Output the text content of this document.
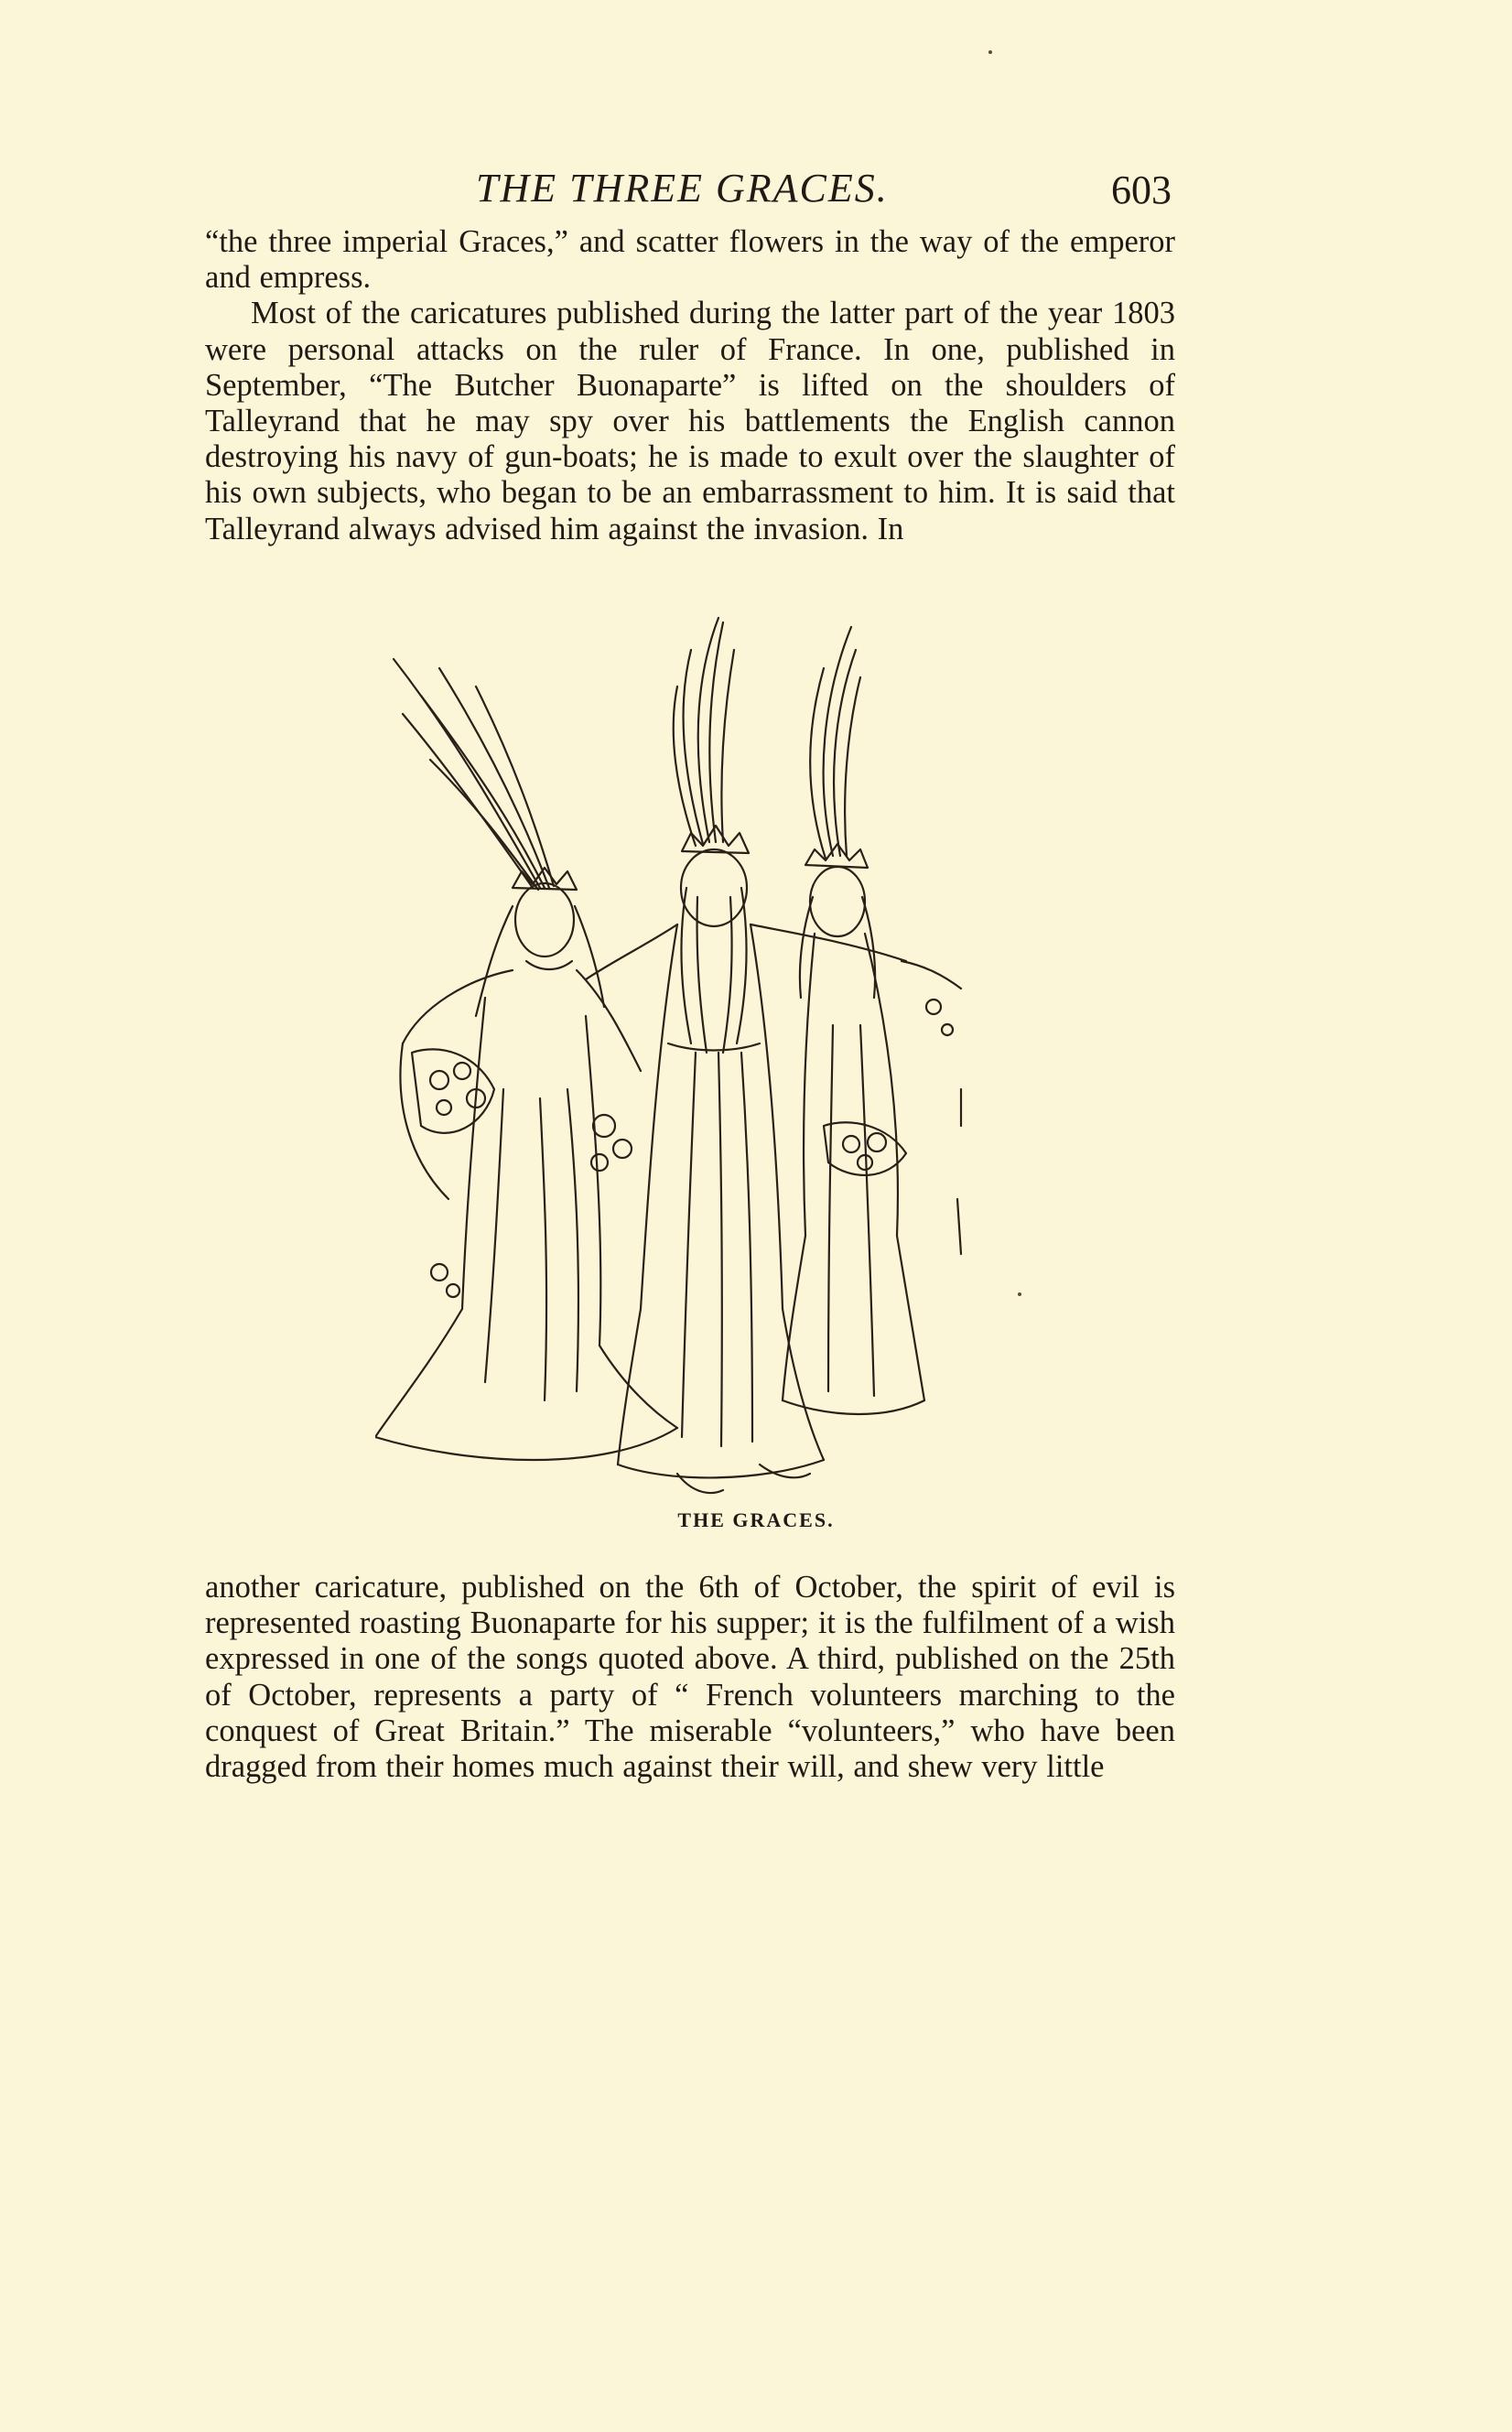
THE THREE GRACES.	603

“the three imperial Graces,” and scatter flowers in the way of the emperor and empress.

Most of the caricatures published during the latter part of the year 1803 were personal attacks on the ruler of France. In one, published in September, “The Butcher Buonaparte” is lifted on the shoulders of Talleyrand that he may spy over his battlements the English cannon destroying his navy of gun-boats; he is made to exult over the slaughter of his own subjects, who began to be an embarrassment to him. It is said that Talleyrand always advised him against the invasion. In

THE GRACES.

another caricature, published on the 6th of October, the spirit of evil is represented roasting Buonaparte for his supper; it is the fulfilment of a wish expressed in one of the songs quoted above. A third, published on the 25th of October, represents a party of “ French volunteers marching to the conquest of Great Britain.” The miserable “volunteers,” who have been dragged from their homes much against their will, and shew very little
